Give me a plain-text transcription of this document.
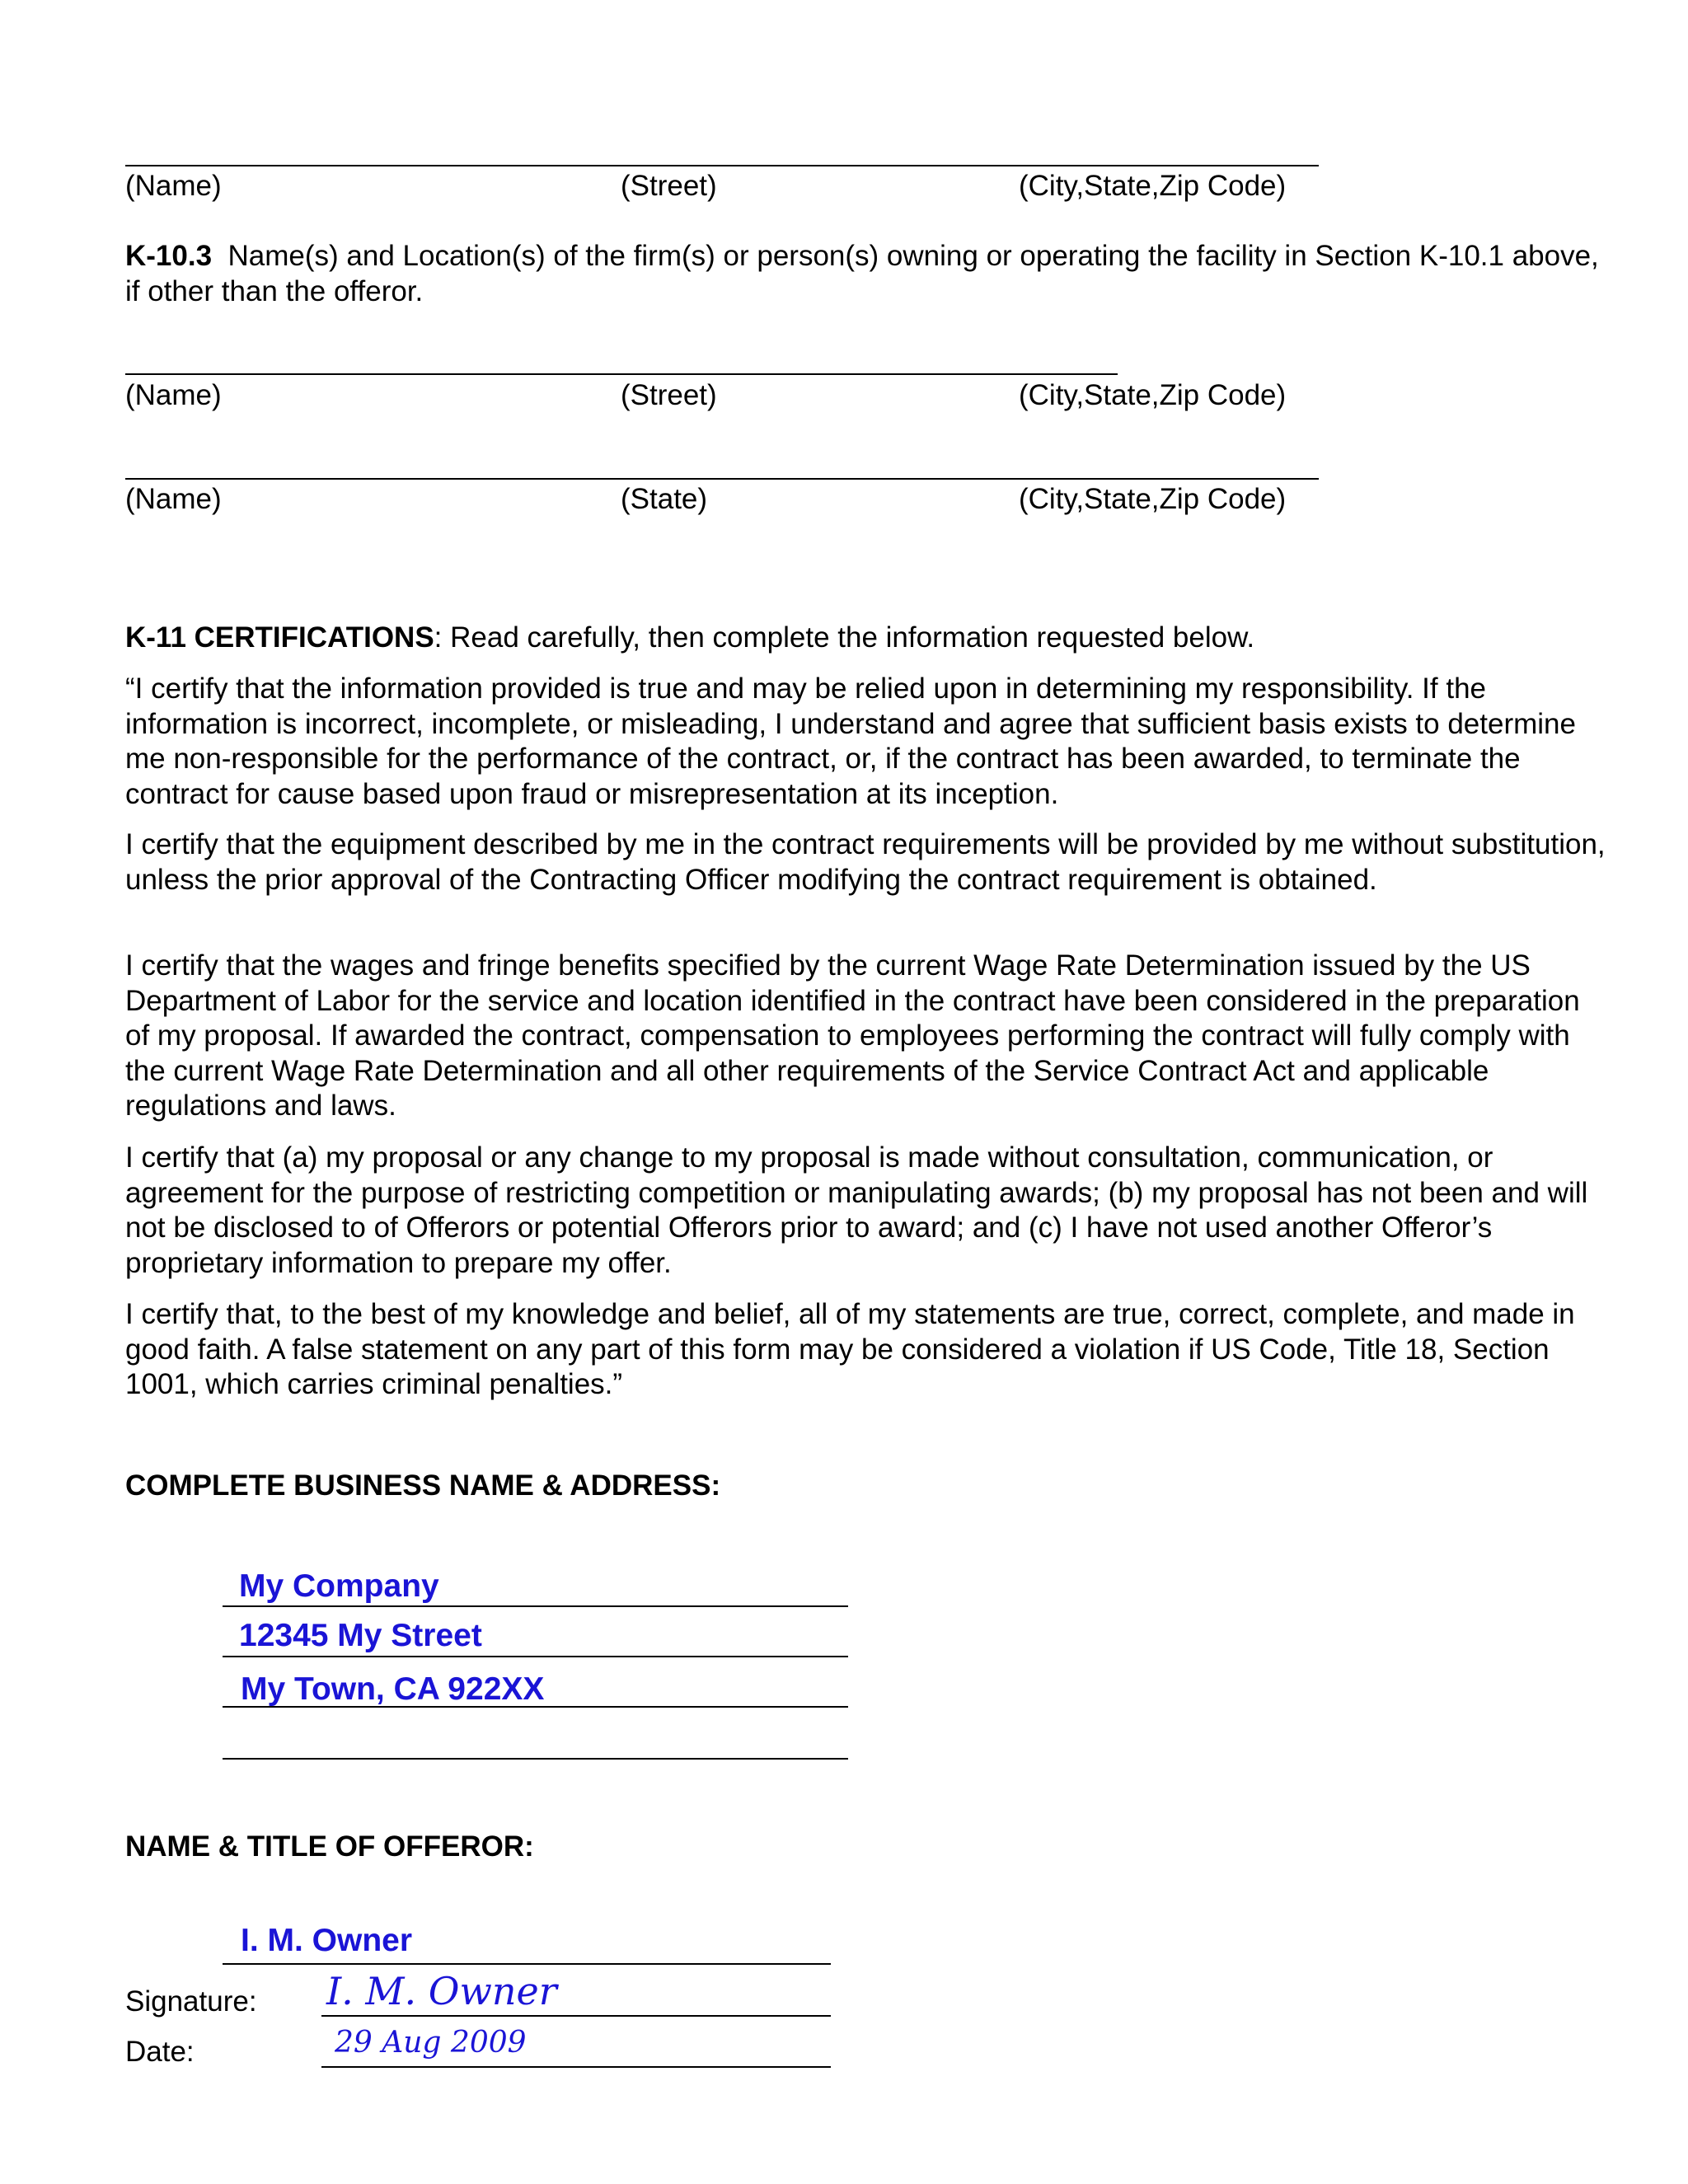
(Name)	(Street)	(City,State,Zip Code)

K-10.3 Name(s) and Location(s) of the firm(s) or person(s) owning or operating the facility in Section K-10.1 above, if other than the offeror.

(Name)	(Street)	(City,State,Zip Code)
(Name)	(State)	(City,State,Zip Code)

K-11 CERTIFICATIONS: Read carefully, then complete the information requested below.

“I certify that the information provided is true and may be relied upon in determining my responsibility. If the information is incorrect, incomplete, or misleading, I understand and agree that sufficient basis exists to determine me non-responsible for the performance of the contract, or, if the contract has been awarded, to terminate the contract for cause based upon fraud or misrepresentation at its inception.

I certify that the equipment described by me in the contract requirements will be provided by me without substitution, unless the prior approval of the Contracting Officer modifying the contract requirement is obtained.

I certify that the wages and fringe benefits specified by the current Wage Rate Determination issued by the US Department of Labor for the service and location identified in the contract have been considered in the preparation of my proposal. If awarded the contract, compensation to employees performing the contract will fully comply with the current Wage Rate Determination and all other requirements of the Service Contract Act and applicable regulations and laws.

I certify that (a) my proposal or any change to my proposal is made without consultation, communication, or agreement for the purpose of restricting competition or manipulating awards; (b) my proposal has not been and will not be disclosed to of Offerors or potential Offerors prior to award; and (c) I have not used another Offeror’s proprietary information to prepare my offer.

I certify that, to the best of my knowledge and belief, all of my statements are true, correct, complete, and made in good faith. A false statement on any part of this form may be considered a violation if US Code, Title 18, Section 1001, which carries criminal penalties.”

COMPLETE BUSINESS NAME & ADDRESS:
My Company
12345 My Street
My Town, CA 922XX
NAME & TITLE OF OFFEROR:
I. M. Owner
Signature: I. M. Owner
Date:	29 Aug 2009
